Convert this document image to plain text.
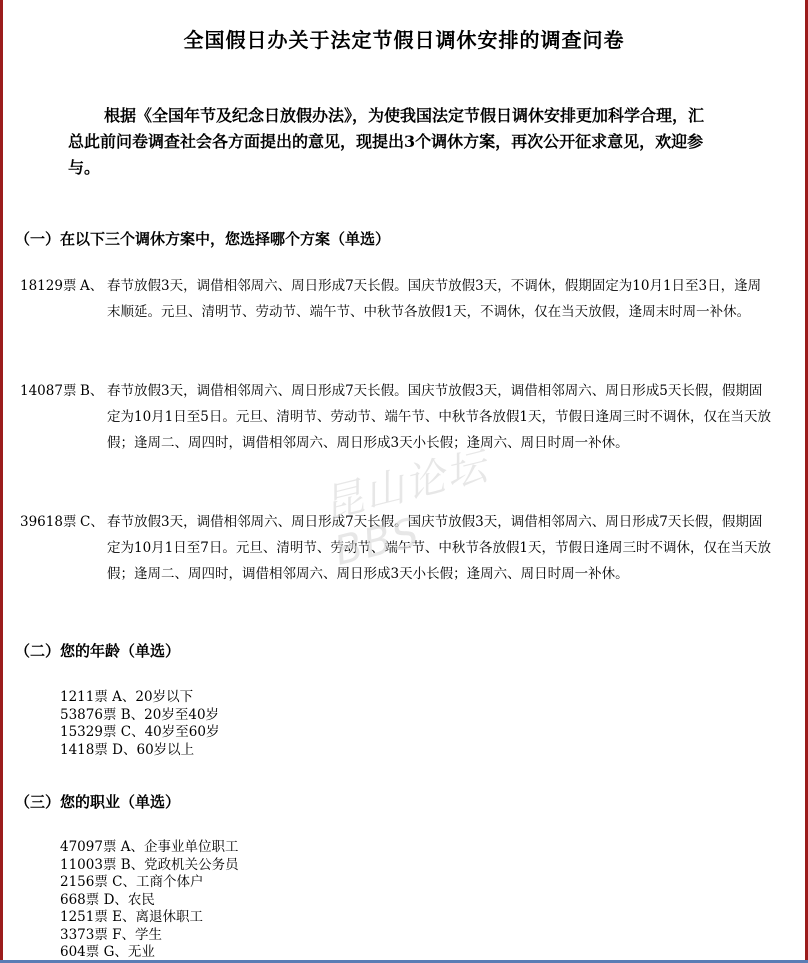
全国假日办关于法定节假日调休安排的调查问卷
根据《全国年节及纪念日放假办法》，为使我国法定节假日调休安排更加科学合理，汇总此前问卷调查社会各方面提出的意见，现提出3个调休方案，再次公开征求意见，欢迎参与。
（一）在以下三个调休方案中，您选择哪个方案（单选）
18129票 A、 春节放假3天，调借相邻周六、周日形成7天长假。国庆节放假3天，不调休，假期固定为10月1日至3日，逢周末顺延。元旦、清明节、劳动节、端午节、中秋节各放假1天，不调休，仅在当天放假，逢周末时周一补休。
14087票 B、 春节放假3天，调借相邻周六、周日形成7天长假。国庆节放假3天，调借相邻周六、周日形成5天长假，假期固定为10月1日至5日。元旦、清明节、劳动节、端午节、中秋节各放假1天，节假日逢周三时不调休，仅在当天放假；逢周二、周四时，调借相邻周六、周日形成3天小长假；逢周六、周日时周一补休。
39618票 C、 春节放假3天，调借相邻周六、周日形成7天长假。国庆节放假3天，调借相邻周六、周日形成7天长假，假期固定为10月1日至7日。元旦、清明节、劳动节、端午节、中秋节各放假1天，节假日逢周三时不调休，仅在当天放假；逢周二、周四时，调借相邻周六、周日形成3天小长假；逢周六、周日时周一补休。
昆山论坛 BBS
（二）您的年龄（单选）
1211票 A、20岁以下
53876票 B、20岁至40岁
15329票 C、40岁至60岁
1418票 D、60岁以上
（三）您的职业（单选）
47097票 A、企事业单位职工
11003票 B、党政机关公务员
2156票 C、工商个体户
668票 D、农民
1251票 E、离退休职工
3373票 F、学生
604票 G、无业
